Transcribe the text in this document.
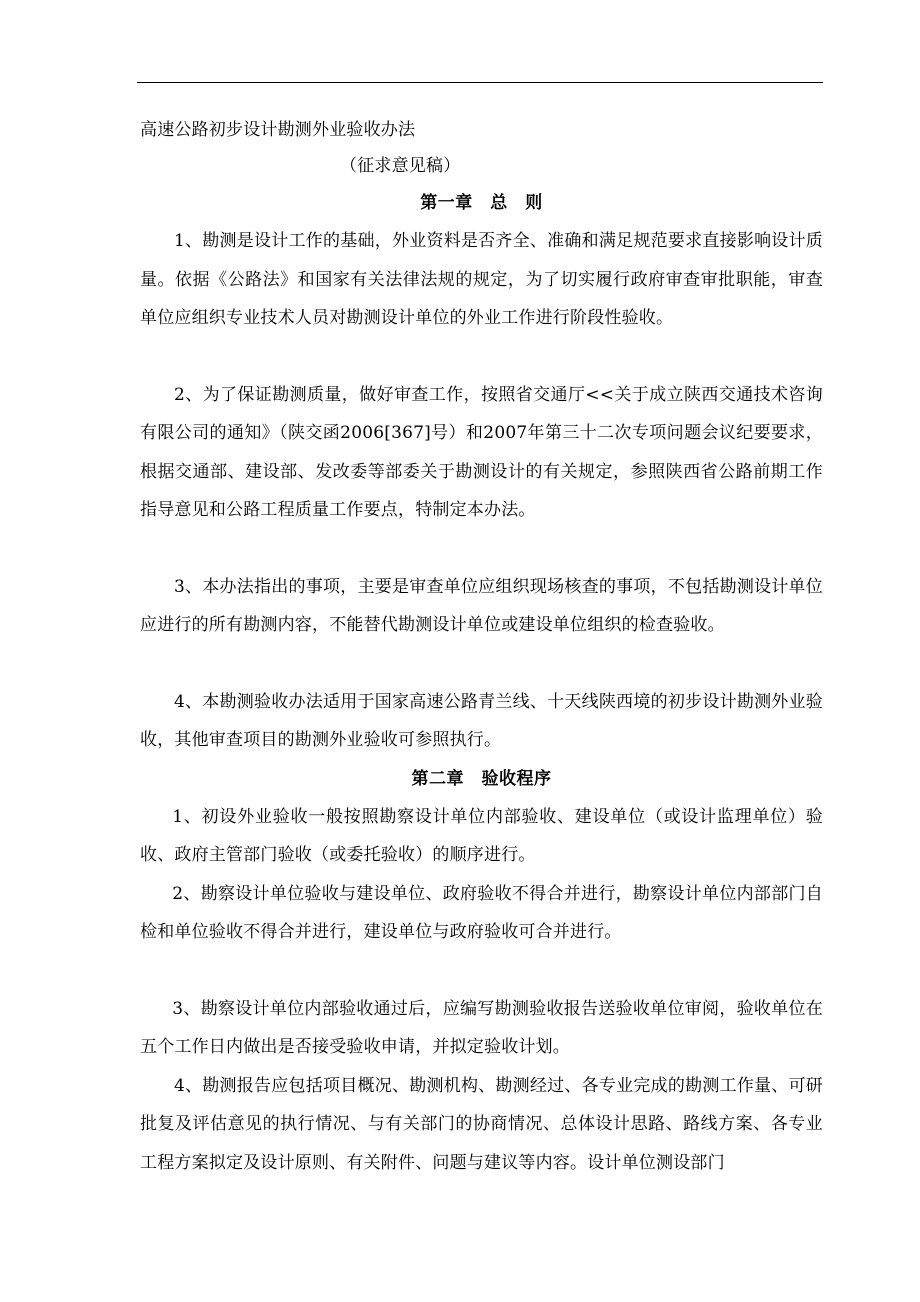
高速公路初步设计勘测外业验收办法
（征求意见稿）
第一章　总　则

1、勘测是设计工作的基础，外业资料是否齐全、准确和满足规范要求直接影响设计质量。依据《公路法》和国家有关法律法规的规定，为了切实履行政府审查审批职能，审查单位应组织专业技术人员对勘测设计单位的外业工作进行阶段性验收。

2、为了保证勘测质量，做好审查工作，按照省交通厅<<关于成立陕西交通技术咨询有限公司的通知》（陕交函2006[367]号）和2007年第三十二次专项问题会议纪要要求，根据交通部、建设部、发改委等部委关于勘测设计的有关规定，参照陕西省公路前期工作指导意见和公路工程质量工作要点，特制定本办法。

3、本办法指出的事项，主要是审查单位应组织现场核查的事项，不包括勘测设计单位应进行的所有勘测内容，不能替代勘测设计单位或建设单位组织的检查验收。

4、本勘测验收办法适用于国家高速公路青兰线、十天线陕西境的初步设计勘测外业验收，其他审查项目的勘测外业验收可参照执行。

第二章　验收程序

1、初设外业验收一般按照勘察设计单位内部验收、建设单位（或设计监理单位）验收、政府主管部门验收（或委托验收）的顺序进行。

2、勘察设计单位验收与建设单位、政府验收不得合并进行，勘察设计单位内部部门自检和单位验收不得合并进行，建设单位与政府验收可合并进行。

3、勘察设计单位内部验收通过后，应编写勘测验收报告送验收单位审阅，验收单位在五个工作日内做出是否接受验收申请，并拟定验收计划。

4、勘测报告应包括项目概况、勘测机构、勘测经过、各专业完成的勘测工作量、可研批复及评估意见的执行情况、与有关部门的协商情况、总体设计思路、路线方案、各专业工程方案拟定及设计原则、有关附件、问题与建议等内容。设计单位测设部门
